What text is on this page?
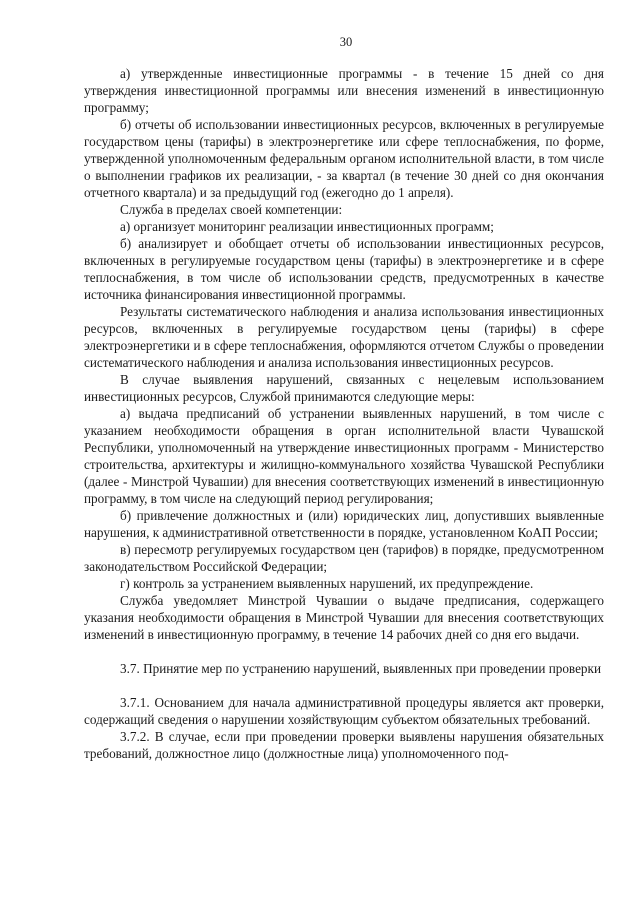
30

а) утвержденные инвестиционные программы - в течение 15 дней со дня утверждения инвестиционной программы или внесения изменений в инвестиционную программу;

б) отчеты об использовании инвестиционных ресурсов, включенных в регулируемые государством цены (тарифы) в электроэнергетике или сфере теплоснабжения, по форме, утвержденной уполномоченным федеральным органом исполнительной власти, в том числе о выполнении графиков их реализации, - за квартал (в течение 30 дней со дня окончания отчетного квартала) и за предыдущий год (ежегодно до 1 апреля).

Служба в пределах своей компетенции:

а) организует мониторинг реализации инвестиционных программ;

б) анализирует и обобщает отчеты об использовании инвестиционных ресурсов, включенных в регулируемые государством цены (тарифы) в электроэнергетике и в сфере теплоснабжения, в том числе об использовании средств, предусмотренных в качестве источника финансирования инвестиционной программы.

Результаты систематического наблюдения и анализа использования инвестиционных ресурсов, включенных в регулируемые государством цены (тарифы) в сфере электроэнергетики и в сфере теплоснабжения, оформляются отчетом Службы о проведении систематического наблюдения и анализа использования инвестиционных ресурсов.

В случае выявления нарушений, связанных с нецелевым использованием инвестиционных ресурсов, Службой принимаются следующие меры:

а) выдача предписаний об устранении выявленных нарушений, в том числе с указанием необходимости обращения в орган исполнительной власти Чувашской Республики, уполномоченный на утверждение инвестиционных программ - Министерство строительства, архитектуры и жилищно-коммунального хозяйства Чувашской Республики (далее - Минстрой Чувашии) для внесения соответствующих изменений в инвестиционную программу, в том числе на следующий период регулирования;

б) привлечение должностных и (или) юридических лиц, допустивших выявленные нарушения, к административной ответственности в порядке, установленном КоАП России;

в) пересмотр регулируемых государством цен (тарифов) в порядке, предусмотренном законодательством Российской Федерации;

г) контроль за устранением выявленных нарушений, их предупреждение.

Служба уведомляет Минстрой Чувашии о выдаче предписания, содержащего указания необходимости обращения в Минстрой Чувашии для внесения соответствующих изменений в инвестиционную программу, в течение 14 рабочих дней со дня его выдачи.

3.7. Принятие мер по устранению нарушений, выявленных при проведении проверки

3.7.1. Основанием для начала административной процедуры является акт проверки, содержащий сведения о нарушении хозяйствующим субъектом обязательных требований.

3.7.2. В случае, если при проведении проверки выявлены нарушения обязательных требований, должностное лицо (должностные лица) уполномоченного под-
